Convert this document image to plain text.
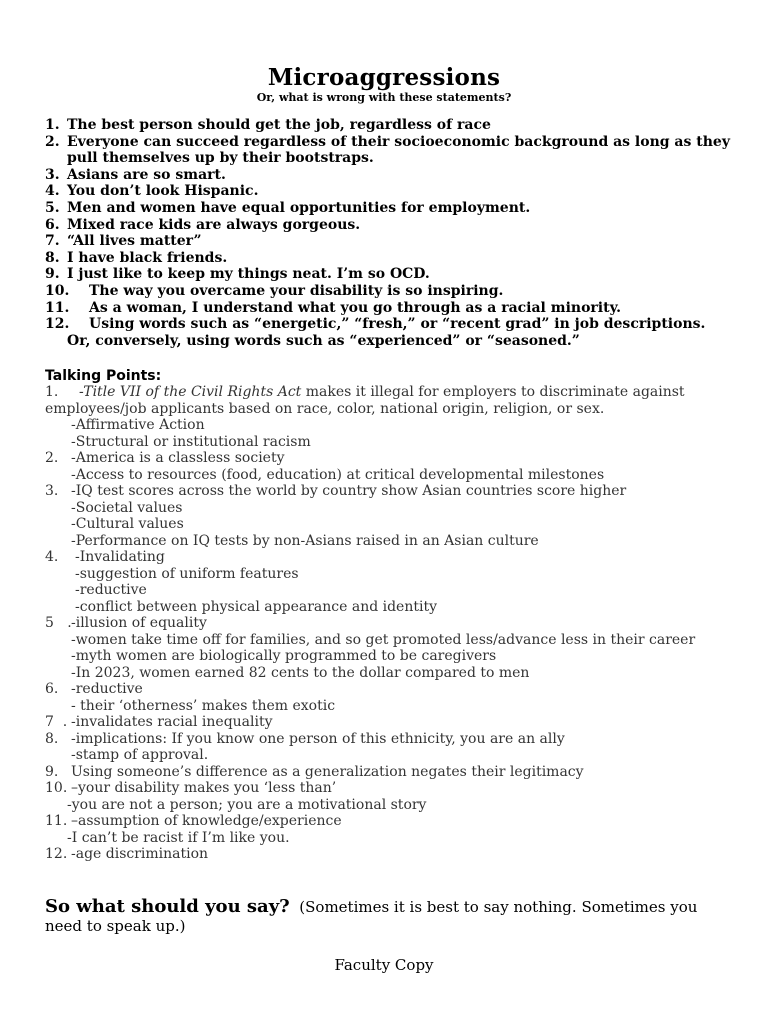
Microaggressions
Or, what is wrong with these statements?
1. The best person should get the job, regardless of race
2. Everyone can succeed regardless of their socioeconomic background as long as they
pull themselves up by their bootstraps.
3. Asians are so smart.
4. You don’t look Hispanic.
5. Men and women have equal opportunities for employment.
6. Mixed race kids are always gorgeous.
7. “All lives matter”
8. I have black friends.
9. I just like to keep my things neat. I’m so OCD.
10.	The way you overcame your disability is so inspiring.
11.	As a woman, I understand what you go through as a racial minority.
12.	Using words such as “energetic,” “fresh,” or “recent grad” in job descriptions.
Or, conversely, using words such as “experienced” or “seasoned.”
Talking Points:
1. -Title VII of the Civil Rights Act makes it illegal for employers to discriminate against
employees/job applicants based on race, color, national origin, religion, or sex.
-Affirmative Action
-Structural or institutional racism
2. -America is a classless society
-Access to resources (food, education) at critical developmental milestones
3. -IQ test scores across the world by country show Asian countries score higher
-Societal values
-Cultural values
-Performance on IQ tests by non-Asians raised in an Asian culture
4. -Invalidating
-suggestion of uniform features
-reductive
-conflict between physical appearance and identity
5   . -illusion of equality
-women take time off for families, and so get promoted less/advance less in their career
-myth women are biologically programmed to be caregivers
-In 2023, women earned 82 cents to the dollar compared to men
6. -reductive
- their ‘otherness’ makes them exotic
7  . -invalidates racial inequality
8. -implications: If you know one person of this ethnicity, you are an ally
-stamp of approval.
9. Using someone’s difference as a generalization negates their legitimacy
10. –your disability makes you ‘less than’
-you are not a person; you are a motivational story
11. –assumption of knowledge/experience
-I can’t be racist if I’m like you.
12. -age discrimination
So what should you say? (Sometimes it is best to say nothing. Sometimes you need to speak up.)
Faculty Copy
